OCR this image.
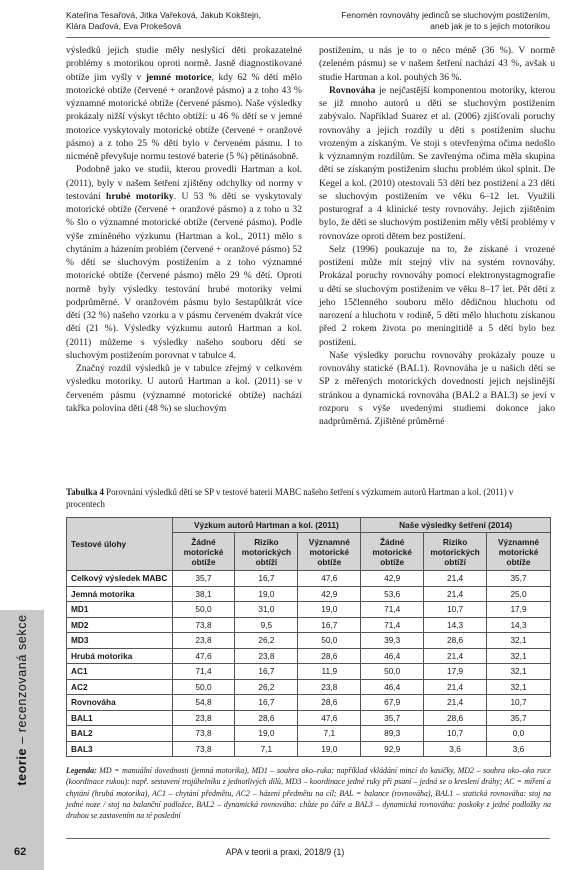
Kateřina Tesařová, Jitka Vařeková, Jakub Kokštejn,
Klára Daďová, Eva Prokešová
Fenomén rovnováhy jedinců se sluchovým postižením,
aneb jak je to s jejich motorikou
teorie – recenzovaná sekce

výsledků jejich studie měly neslyšící děti prokazatelné problémy s motorikou oproti normě. Jasně diagnostikované obtíže jim vyšly v jemné motorice, kdy 62 % dětí mělo motorické obtíže (červené + oranžové pásmo) a z toho 43 % významné motorické obtíže (červené pásmo). Naše výsledky prokázaly nižší výskyt těchto obtíží: u 46 % dětí se v jemné motorice vyskytovaly motorické obtíže (červené + oranžové pásmo) a z toho 25 % dětí bylo v červeném pásmu. I to nicméně převyšuje normu testové baterie (5 %) pětinásobně.

Podobně jako ve studii, kterou provedli Hartman a kol. (2011), byly v našem šetření zjištěny odchylky od normy v testování hrubé motoriky. U 53 % dětí se vyskytovaly motorické obtíže (červené + oranžové pásmo) a z toho u 32 % šlo o významné motorické obtíže (červené pásmo). Podle výše zmíněného výzkumu (Hartman a kol., 2011) mělo s chytáním a házením problém (červené + oranžové pásmo) 52 % dětí se sluchovým postižením a z toho významné motorické obtíže (červené pásmo) mělo 29 % dětí. Oproti normě byly výsledky testování hrubé motoriky velmi podprůměrné. V oranžovém pásmu bylo šestapůlkrát více dětí (32 %) našeho vzorku a v pásmu červeném dvakrát více dětí (21 %). Výsledky výzkumu autorů Hartman a kol. (2011) můžeme s výsledky našeho souboru dětí se sluchovým postižením porovnat v tabulce 4.

Značný rozdíl výsledků je v tabulce zřejmý v celkovém výsledku motoriky. U autorů Hartman a kol. (2011) se v červeném pásmu (významné motorické obtíže) nachází takřka polovina dětí (48 %) se sluchovým

postižením, u nás je to o něco méně (36 %). V normě (zeleném pásmu) se v našem šetření nachází 43 %, avšak u studie Hartman a kol. pouhých 36 %.

Rovnováha je nejčastější komponentou motoriky, kterou se již mnoho autorů u dětí se sluchovým postižením zabývalo. Například Suarez et al. (2006) zjišťovali poruchy rovnováhy a jejich rozdíly u dětí s postižením sluchu vrozeným a získaným. Ve stoji s otevřenýma očima nedošlo k významným rozdílům. Se zavřenýma očima měla skupina dětí se získaným postižením sluchu problém úkol splnit. De Kegel a kol. (2010) otestovali 53 dětí bez postižení a 23 dětí se sluchovým postižením ve věku 6–12 let. Využili posturograf a 4 klinické testy rovnováhy. Jejich zjištěním bylo, že děti se sluchovým postižením měly větší problémy v rovnováze oproti dětem bez postižení.

Selz (1996) poukazuje na to, že získané i vrozené postižení může mít stejný vliv na systém rovnováhy. Prokázal poruchy rovnováhy pomocí elektronystagmografie u dětí se sluchovým postižením ve věku 8–17 let. Pět dětí z jeho 15členného souboru mělo dědičnou hluchotu od narození a hluchotu v rodině, 5 dětí mělo hluchotu získanou před 2 rokem života po meningitidě a 5 dětí bylo bez postižení.

Naše výsledky poruchu rovnováhy prokázaly pouze u rovnováhy statické (BAL1). Rovnováha je u našich dětí se SP z měřených motorických dovedností jejich nejslinější stránkou a dynamická rovnováha (BAL2 a BAL3) se jeví v rozporu s výše uvedenými studiemi dokonce jako nadprůměrná. Zjištěné průměrné

Tabulka 4 Porovnání výsledků dětí se SP v testové baterii MABC našeho šetření s výzkumem autorů Hartman a kol. (2011) v procentech
Testové úlohy	Výzkum autorů Hartman a kol. (2011)			Naše výsledky šetření (2014)		
	Žádné motorické obtíže	Riziko motorických obtíží	Významné motorické obtíže	Žádné motorické obtíže	Riziko motorických obtíží	Významné motorické obtíže
Celkový výsledek MABC	35,7	16,7	47,6	42,9	21,4	35,7
Jemná motorika	38,1	19,0	42,9	53,6	21,4	25,0
MD1	50,0	31,0	19,0	71,4	10,7	17,9
MD2	73,8	9,5	16,7	71,4	14,3	14,3
MD3	23,8	26,2	50,0	39,3	28,6	32,1
Hrubá motorika	47,6	23,8	28,6	46,4	21,4	32,1
AC1	71,4	16,7	11,9	50,0	17,9	32,1
AC2	50,0	26,2	23,8	46,4	21,4	32,1
Rovnováha	54,8	16,7	28,6	67,9	21,4	10,7
BAL1	23,8	28,6	47,6	35,7	28,6	35,7
BAL2	73,8	19,0	7,1	89,3	10,7	0,0
BAL3	73,8	7,1	19,0	92,9	3,6	3,6
Legenda: MD = manuální dovednosti (jemná motorika), MD1 – souhra oko–ruka: například vkládání mincí do kasičky, MD2 – souhra oko–oko ruce (koordinace rukou): např. sestavení trojúhelníku z jednotlivých dílů, MD3 – koordinace jedné ruky při psaní – jedná se o kreslení dráhy; AC = míření a chytání (hrubá motorika), AC1 – chytání předmětu, AC2 – házení předmětu na cíl; BAL = balance (rovnováha), BAL1 – statická rovnováha: stoj na jedné noze / stoj na balanční podložce, BAL2 – dynamická rovnováha: chůze po čáře a BAL3 – dynamická rovnováha: poskoky z jedné podložky na druhou se zastavením na té poslední
62	APA v teorii a praxi, 2018/9 (1)
